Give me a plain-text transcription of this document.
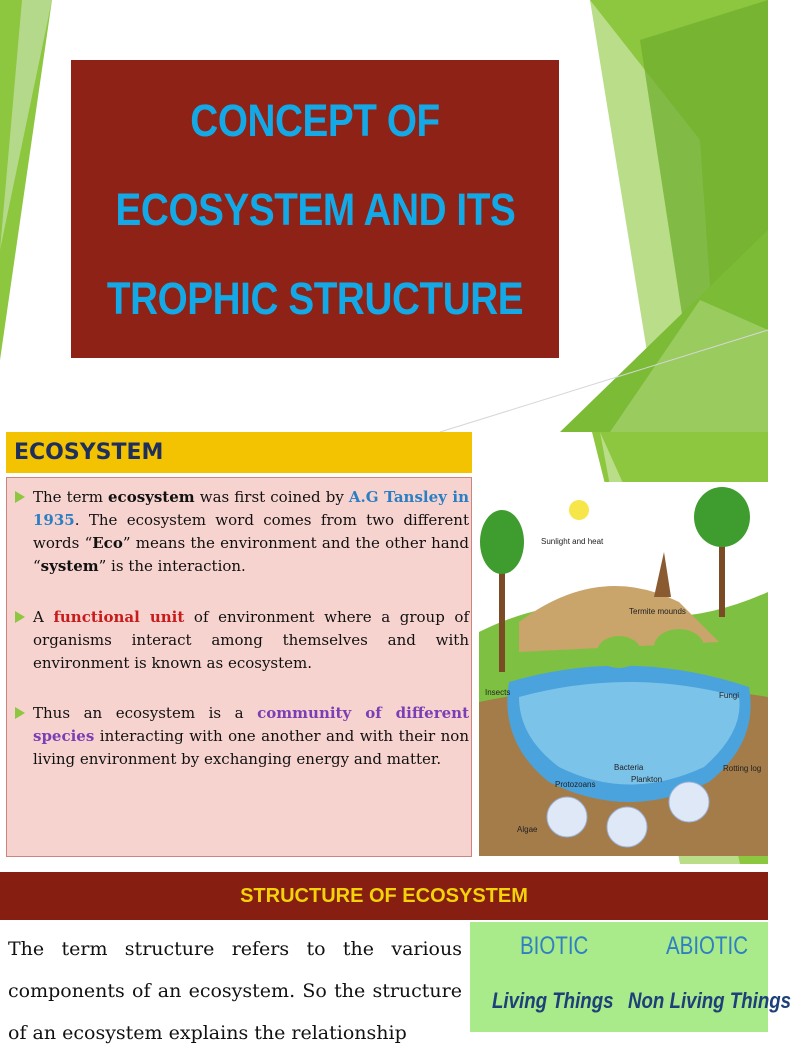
CONCEPT OF
ECOSYSTEM AND ITS
TROPHIC STRUCTURE
ECOSYSTEM
The term ecosystem was first coined by A.G Tansley in 1935. The ecosystem word comes from two different words “Eco” means the environment and the other hand “system” is the interaction.
A functional unit of environment where a group of organisms interact among themselves and with environment is known as ecosystem.
Thus an ecosystem is a community of different species interacting with one another and with their non living environment by exchanging energy and matter.
Sunlight and heat
Termite mounds
Insects	Fungi
Bacteria
Protozoans
Plankton
Rotting log
Algae
STRUCTURE OF ECOSYSTEM
The term structure refers to the various components of an ecosystem. So the structure of an ecosystem explains the relationship
BIOTIC	ABIOTIC
Living Things Non Living Things
